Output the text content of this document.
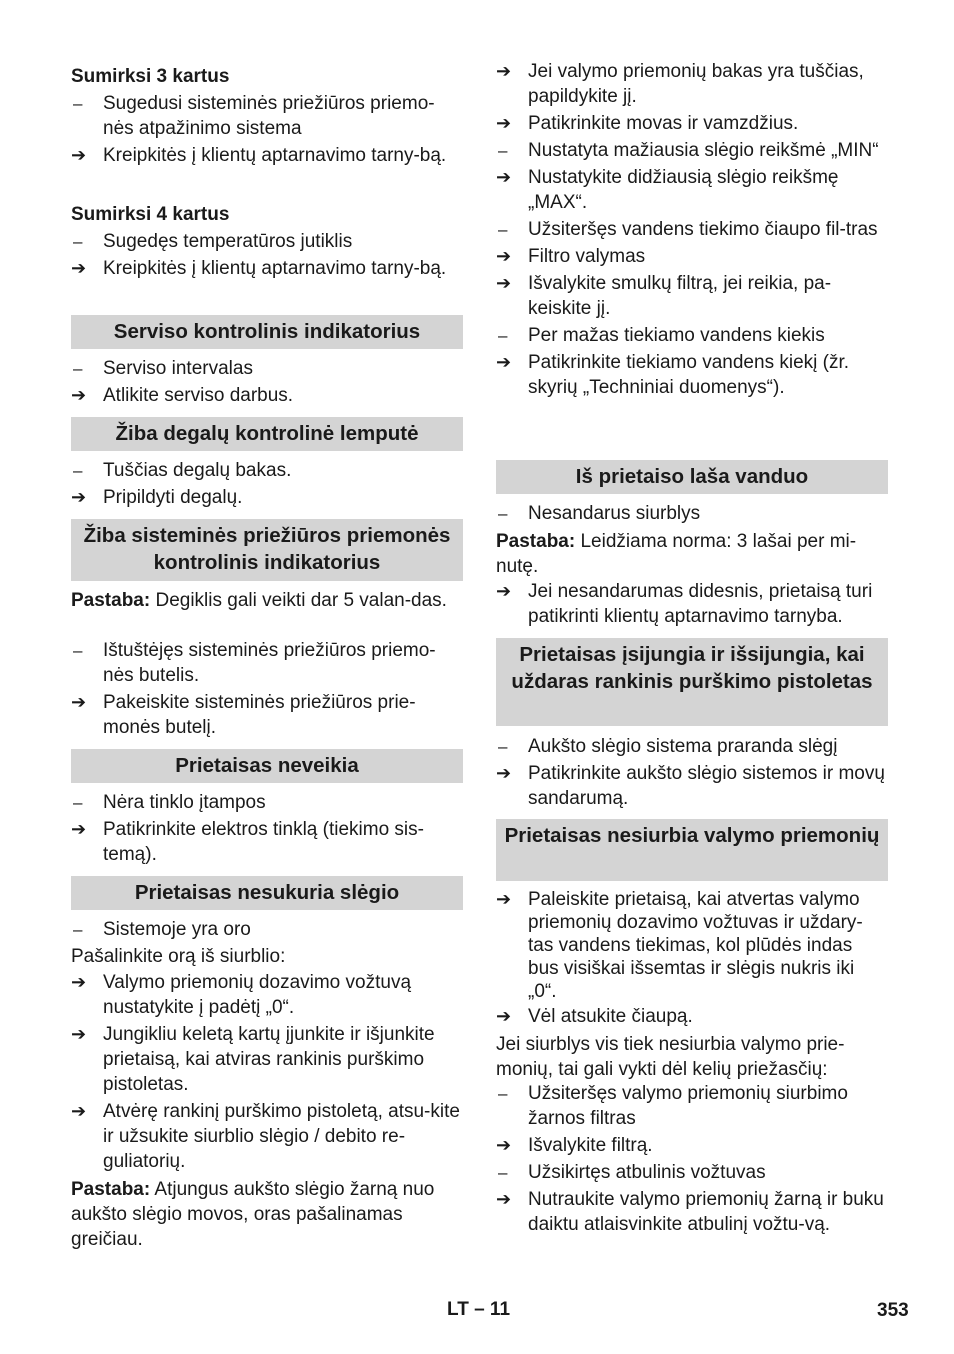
Sumirksi 3 kartus
–	Sugedusi sisteminės priežiūros priemo-nės atpažinimo sistema
➔ Kreipkitės į klientų aptarnavimo tarny-bą.
Sumirksi 4 kartus
–	Sugedęs temperatūros jutiklis
➔ Kreipkitės į klientų aptarnavimo tarny-bą.
Serviso kontrolinis indikatorius
–	Serviso intervalas
➔ Atlikite serviso darbus.
Žiba degalų kontrolinė lemputė
–	Tuščias degalų bakas.
➔ Pripildyti degalų.
Žiba sisteminės priežiūros priemonės kontrolinis indikatorius
Pastaba: Degiklis gali veikti dar 5 valan-das.
–	Ištuštėjęs sisteminės priežiūros priemo-nės butelis.
➔ Pakeiskite sisteminės priežiūros prie-monės butelį.
Prietaisas neveikia
–	Nėra tinklo įtampos
➔ Patikrinkite elektros tinklą (tiekimo sis-temą).
Prietaisas nesukuria slėgio
–	Sistemoje yra oro
Pašalinkite orą iš siurblio:
➔ Valymo priemonių dozavimo vožtuvą nustatykite į padėtį „0“.
➔ Jungikliu keletą kartų įjunkite ir išjunkite prietaisą, kai atviras rankinis purškimo pistoletas.
➔ Atvėrę rankinį purškimo pistoletą, atsu-kite ir užsukite siurblio slėgio / debito re-guliatorių.
Pastaba: Atjungus aukšto slėgio žarną nuo aukšto slėgio movos, oras pašalinamas greičiau.
➔ Jei valymo priemonių bakas yra tuščias, papildykite jį.
➔ Patikrinkite movas ir vamzdžius.
–	Nustatyta mažiausia slėgio reikšmė „MIN“
➔ Nustatykite didžiausią slėgio reikšmę „MAX“.
–	Užsiteršęs vandens tiekimo čiaupo fil-tras
➔ Filtro valymas
➔ Išvalykite smulkų filtrą, jei reikia, pa-keiskite jį.
–	Per mažas tiekiamo vandens kiekis
➔ Patikrinkite tiekiamo vandens kiekį (žr. skyrių „Techniniai duomenys“).
Iš prietaiso laša vanduo
–	Nesandarus siurblys
Pastaba: Leidžiama norma: 3 lašai per mi-nutę.
➔ Jei nesandarumas didesnis, prietaisą turi patikrinti klientų aptarnavimo tarnyba.
Prietaisas įsijungia ir išsijungia, kai uždaras rankinis purškimo pistoletas
–	Aukšto slėgio sistema praranda slėgį
➔ Patikrinkite aukšto slėgio sistemos ir movų sandarumą.
Prietaisas nesiurbia valymo priemonių
➔ Paleiskite prietaisą, kai atvertas valymo priemonių dozavimo vožtuvas ir uždary-tas vandens tiekimas, kol plūdės indas bus visiškai išsemtas ir slėgis nukris iki „0“.
➔ Vėl atsukite čiaupą.
Jei siurblys vis tiek nesiurbia valymo prie-monių, tai gali vykti dėl kelių priežasčių:
–	Užsiteršęs valymo priemonių siurbimo žarnos filtras
➔ Išvalykite filtrą.
–	Užsikirtęs atbulinis vožtuvas
➔ Nutraukite valymo priemonių žarną ir buku daiktu atlaisvinkite atbulinį vožtu-vą.
LT – 11	353
